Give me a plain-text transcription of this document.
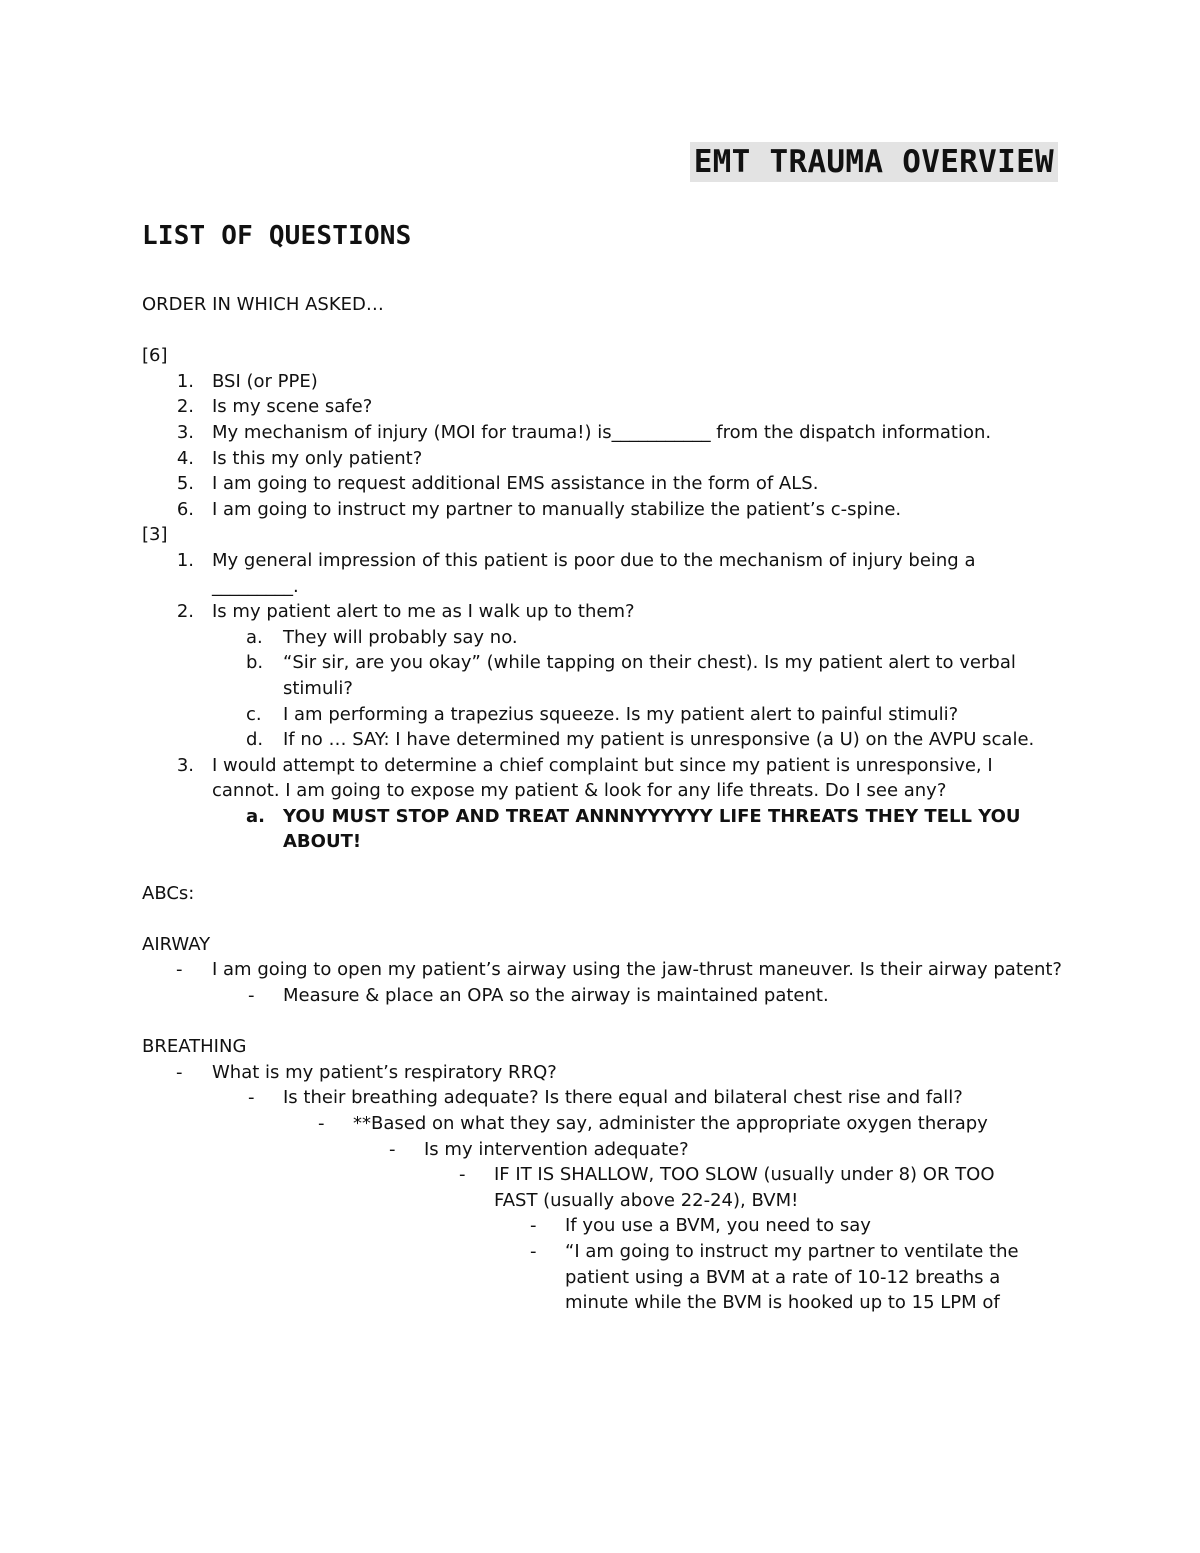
EMT TRAUMA OVERVIEW
LIST OF QUESTIONS

ORDER IN WHICH ASKED…

[6]

1. BSI (or PPE)
2. Is my scene safe?
3. My mechanism of injury (MOI for trauma!) is___________ from the dispatch information.
4. Is this my only patient?
5. I am going to request additional EMS assistance in the form of ALS.
6. I am going to instruct my partner to manually stabilize the patient’s c-spine.

[3]

1. My general impression of this patient is poor due to the mechanism of injury being a _________.
2. Is my patient alert to me as I walk up to them?
a. They will probably say no.
b. “Sir sir, are you okay” (while tapping on their chest). Is my patient alert to verbal stimuli?
c. I am performing a trapezius squeeze. Is my patient alert to painful stimuli?
d. If no … SAY: I have determined my patient is unresponsive (a U) on the AVPU scale.
3. I would attempt to determine a chief complaint but since my patient is unresponsive, I cannot. I am going to expose my patient & look for any life threats. Do I see any?
a. YOU MUST STOP AND TREAT ANNNYYYYYY LIFE THREATS THEY TELL YOU ABOUT!

ABCs:

AIRWAY

- I am going to open my patient’s airway using the jaw-thrust maneuver. Is their airway patent?
- Measure & place an OPA so the airway is maintained patent.

BREATHING

- What is my patient’s respiratory RRQ?
- Is their breathing adequate? Is there equal and bilateral chest rise and fall?
- **Based on what they say, administer the appropriate oxygen therapy
- Is my intervention adequate?
- IF IT IS SHALLOW, TOO SLOW (usually under 8) OR TOO FAST (usually above 22-24), BVM!
- If you use a BVM, you need to say
- “I am going to instruct my partner to ventilate the patient using a BVM at a rate of 10-12 breaths a minute while the BVM is hooked up to 15 LPM of
